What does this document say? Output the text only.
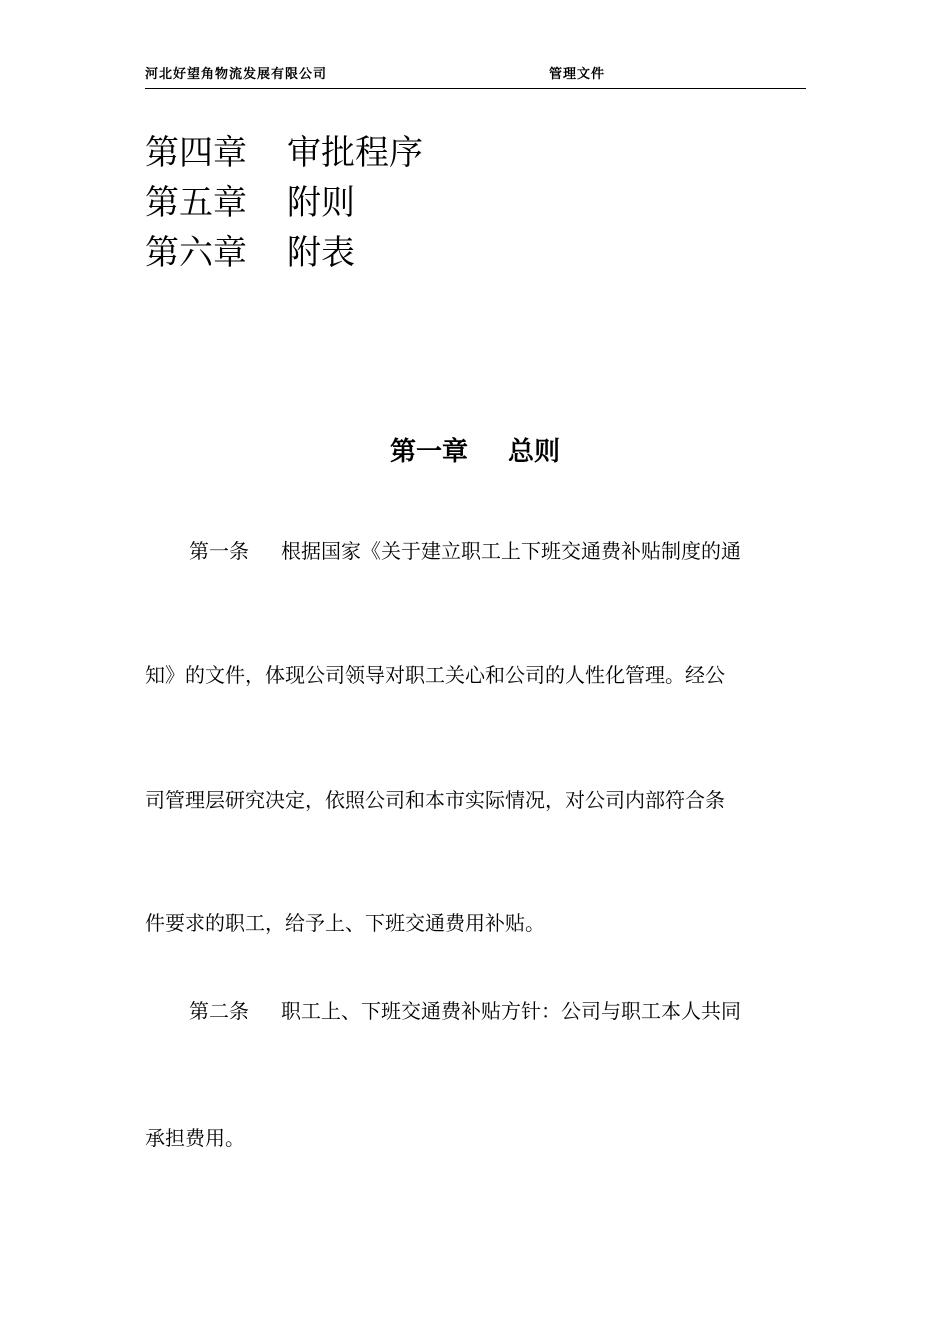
河北好望角物流发展有限公司	管理文件
第四章 审批程序
第五章 附则
第六章 附表
第一章 总则
第一条 根据国家《关于建立职工上下班交通费补贴制度的通
知》的文件，体现公司领导对职工关心和公司的人性化管理。经公
司管理层研究决定，依照公司和本市实际情况，对公司内部符合条
件要求的职工，给予上、下班交通费用补贴。
第二条 职工上、下班交通费补贴方针：公司与职工本人共同
承担费用。
